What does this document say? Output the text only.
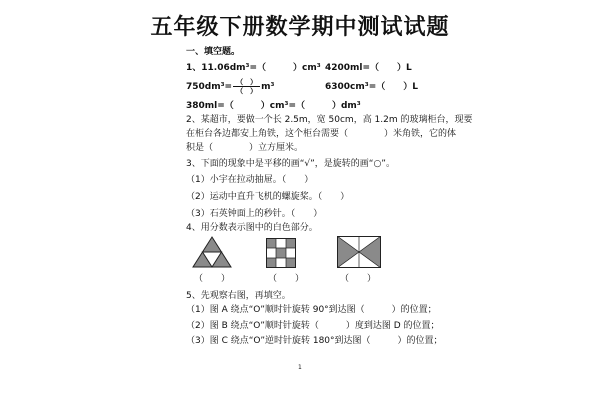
五年级下册数学期中测试试题
一、填空题。
1、11.06dm³=（　　　）cm³ 4200ml=（　　）L
$750dm^3= \frac{( )}{( )} m^3$	6300cm³=（　　）L
380ml=（　　　）cm³=（　　　）dm³
2、某超市，要做一个长 2.5m，宽 50cm，高 1.2m 的玻璃柜台，现要
在柜台各边都安上角铁，这个柜台需要（　　　　）米角铁，它的体
积是（　　　　）立方厘米。
3、下面的现象中是平移的画“√”，是旋转的画“○”。
（1）小宇在拉动抽屉。（　　）
（2）运动中直升飞机的螺旋桨。（　　）
（3）石英钟面上的秒针。（　　）
4、用分数表示图中的白色部分。
（　　）	（　　）	（　　）
5、先观察右图，再填空。
（1）图 A 绕点“O”顺时针旋转 90°到达图（　　　）的位置；
（2）图 B 绕点“O”顺时针旋转（　　　）度到达图 D 的位置；
（3）图 C 绕点“O”逆时针旋转 180°到达图（　　　）的位置；
1
